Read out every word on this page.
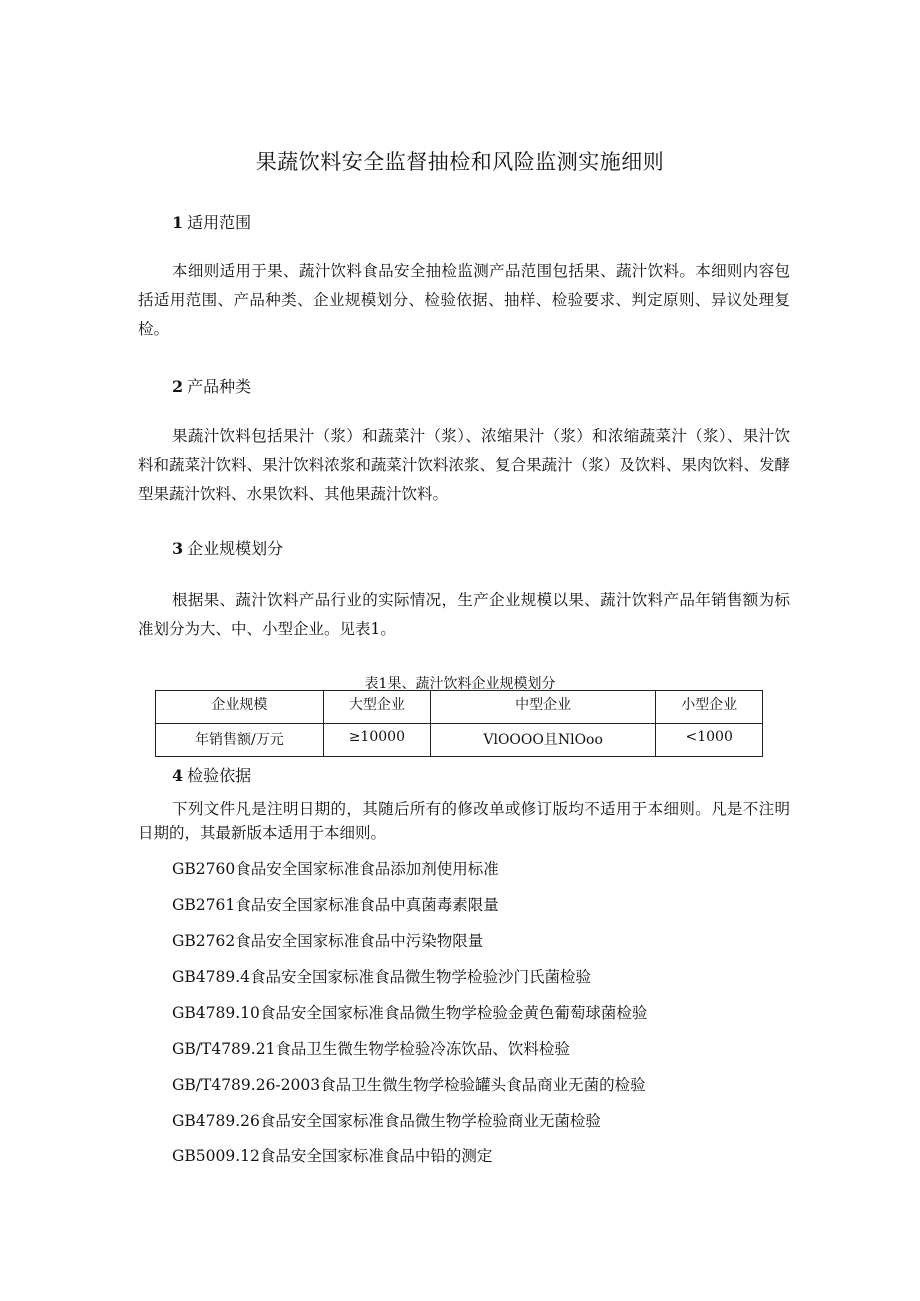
果蔬饮料安全监督抽检和风险监测实施细则
1 适用范围
本细则适用于果、蔬汁饮料食品安全抽检监测产品范围包括果、蔬汁饮料。本细则内容包括适用范围、产品种类、企业规模划分、检验依据、抽样、检验要求、判定原则、异议处理复检。
2 产品种类
果蔬汁饮料包括果汁（浆）和蔬菜汁（浆）、浓缩果汁（浆）和浓缩蔬菜汁（浆）、果汁饮料和蔬菜汁饮料、果汁饮料浓浆和蔬菜汁饮料浓浆、复合果蔬汁（浆）及饮料、果肉饮料、发酵型果蔬汁饮料、水果饮料、其他果蔬汁饮料。
3 企业规模划分
根据果、蔬汁饮料产品行业的实际情况，生产企业规模以果、蔬汁饮料产品年销售额为标准划分为大、中、小型企业。见表1。
表1果、蔬汁饮料企业规模划分
企业规模	大型企业	中型企业	小型企业
年销售额/万元	≥10000	VlOOOO且NlOoo	<1000
4 检验依据
下列文件凡是注明日期的，其随后所有的修改单或修订版均不适用于本细则。凡是不注明日期的，其最新版本适用于本细则。
GB2760食品安全国家标准食品添加剂使用标准
GB2761食品安全国家标准食品中真菌毒素限量
GB2762食品安全国家标准食品中污染物限量
GB4789.4食品安全国家标准食品微生物学检验沙门氏菌检验
GB4789.10食品安全国家标准食品微生物学检验金黄色葡萄球菌检验
GB/T4789.21食品卫生微生物学检验冷冻饮品、饮料检验
GB/T4789.26-2003食品卫生微生物学检验罐头食品商业无菌的检验
GB4789.26食品安全国家标准食品微生物学检验商业无菌检验
GB5009.12食品安全国家标准食品中铅的测定
